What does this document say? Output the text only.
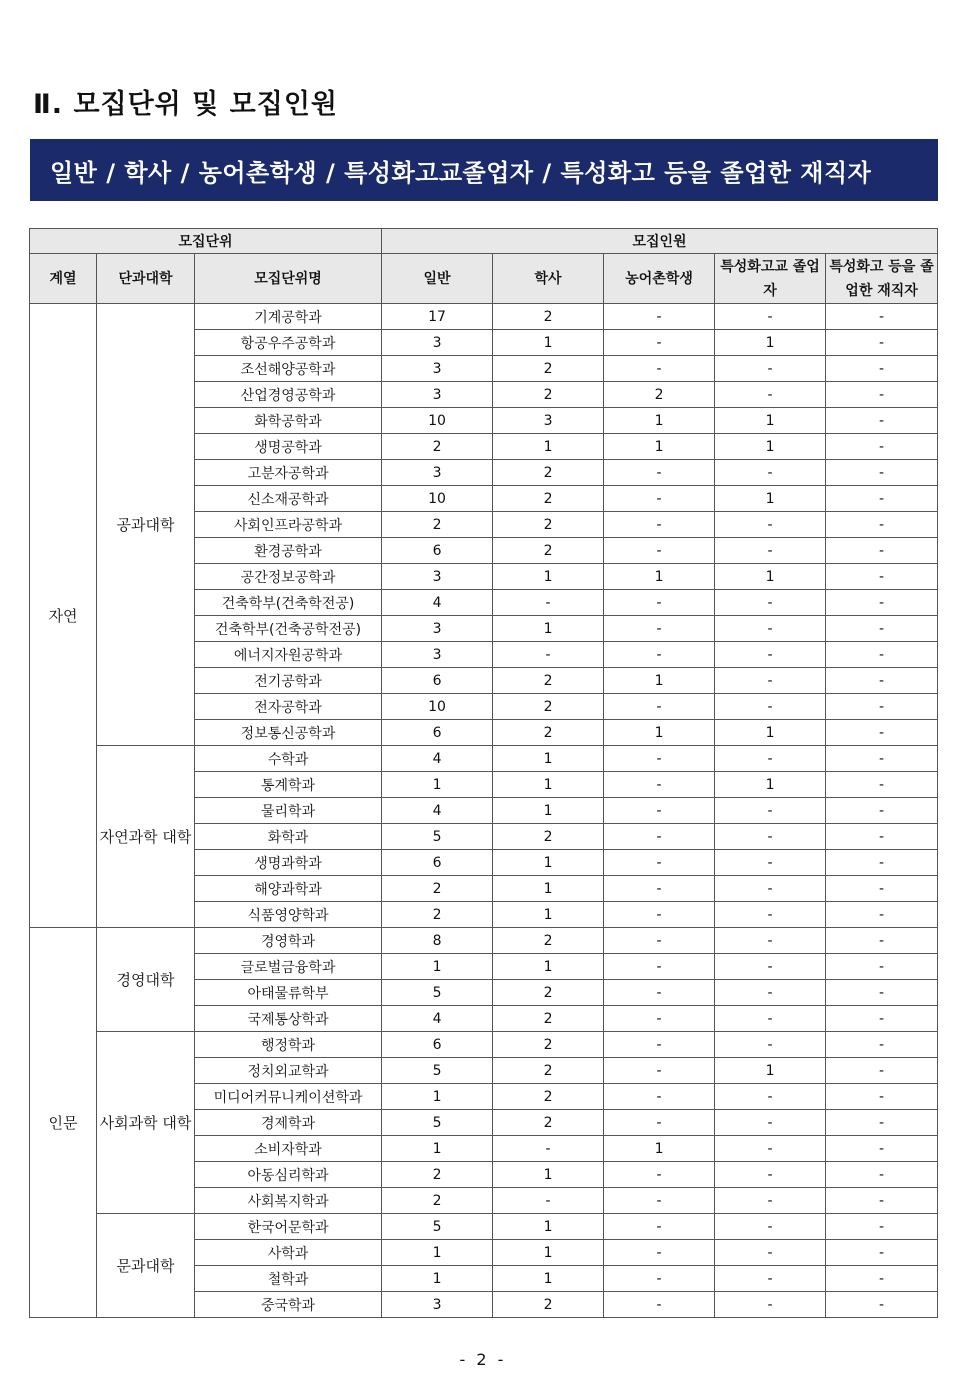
Ⅱ. 모집단위 및 모집인원
일반 / 학사 / 농어촌학생 / 특성화고교졸업자 / 특성화고 등을 졸업한 재직자
모집단위			모집인원				
계열	단과대학	모집단위명	일반	학사	농어촌학생	특성화고교 졸업자	특성화고 등을 졸업한 재직자
자연	공과대학	기계공학과	17	2	-	-	-
		항공우주공학과	3	1	-	1	-
		조선해양공학과	3	2	-	-	-
		산업경영공학과	3	2	2	-	-
		화학공학과	10	3	1	1	-
		생명공학과	2	1	1	1	-
		고분자공학과	3	2	-	-	-
		신소재공학과	10	2	-	1	-
		사회인프라공학과	2	2	-	-	-
		환경공학과	6	2	-	-	-
		공간정보공학과	3	1	1	1	-
		건축학부(건축학전공)	4	-	-	-	-
		건축학부(건축공학전공)	3	1	-	-	-
		에너지자원공학과	3	-	-	-	-
		전기공학과	6	2	1	-	-
		전자공학과	10	2	-	-	-
		정보통신공학과	6	2	1	1	-
	자연과학 대학	수학과	4	1	-	-	-
		통계학과	1	1	-	1	-
		물리학과	4	1	-	-	-
		화학과	5	2	-	-	-
		생명과학과	6	1	-	-	-
		해양과학과	2	1	-	-	-
		식품영양학과	2	1	-	-	-
인문	경영대학	경영학과	8	2	-	-	-
		글로벌금융학과	1	1	-	-	-
		아태물류학부	5	2	-	-	-
		국제통상학과	4	2	-	-	-
	사회과학 대학	행정학과	6	2	-	-	-
		정치외교학과	5	2	-	1	-
		미디어커뮤니케이션학과	1	2	-	-	-
		경제학과	5	2	-	-	-
		소비자학과	1	-	1	-	-
		아동심리학과	2	1	-	-	-
		사회복지학과	2	-	-	-	-
	문과대학	한국어문학과	5	1	-	-	-
		사학과	1	1	-	-	-
		철학과	1	1	-	-	-
		중국학과	3	2	-	-	-
- 2 -
